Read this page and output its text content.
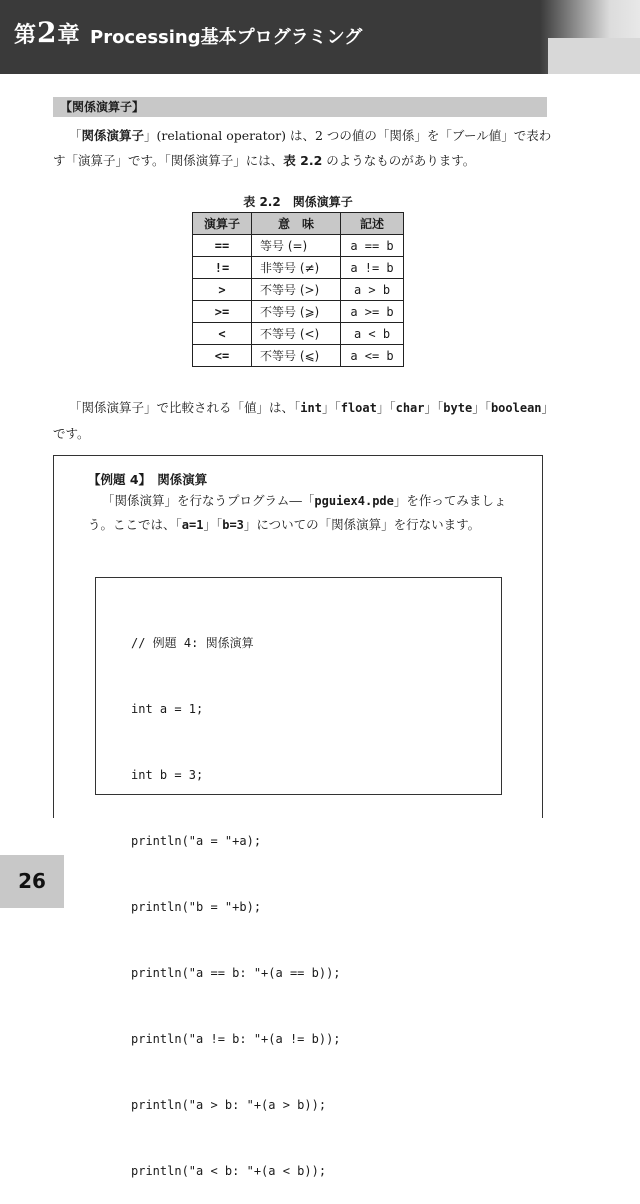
第2章 Processing基本プログラミング
【関係演算子】
「関係演算子」(relational operator) は、2 つの値の「関係」を「ブール値」で表わす「演算子」です。「関係演算子」には、表 2.2 のようなものがあります。
表 2.2　関係演算子
演算子	意　味	記述
==	等号 (=)	a == b
!=	非等号 (≠)	a != b
>	不等号 (>)	a > b
>=	不等号 (⩾)	a >= b
<	不等号 (<)	a < b
<=	不等号 (⩽)	a <= b
「関係演算子」で比較される「値」は、「int」「float」「char」「byte」「boolean」です。
【例題 4】　関係演算
「関係演算」を行なうプログラム―「pguiex4.pde」を作ってみましょう。ここでは、「a=1」「b=3」についての「関係演算」を行ないます。

// 例題 4: 関係演算

int a = 1;

int b = 3;

println("a = "+a);

println("b = "+b);

println("a == b: "+(a == b));

println("a != b: "+(a != b));

println("a > b: "+(a > b));

println("a < b: "+(a < b));

26
